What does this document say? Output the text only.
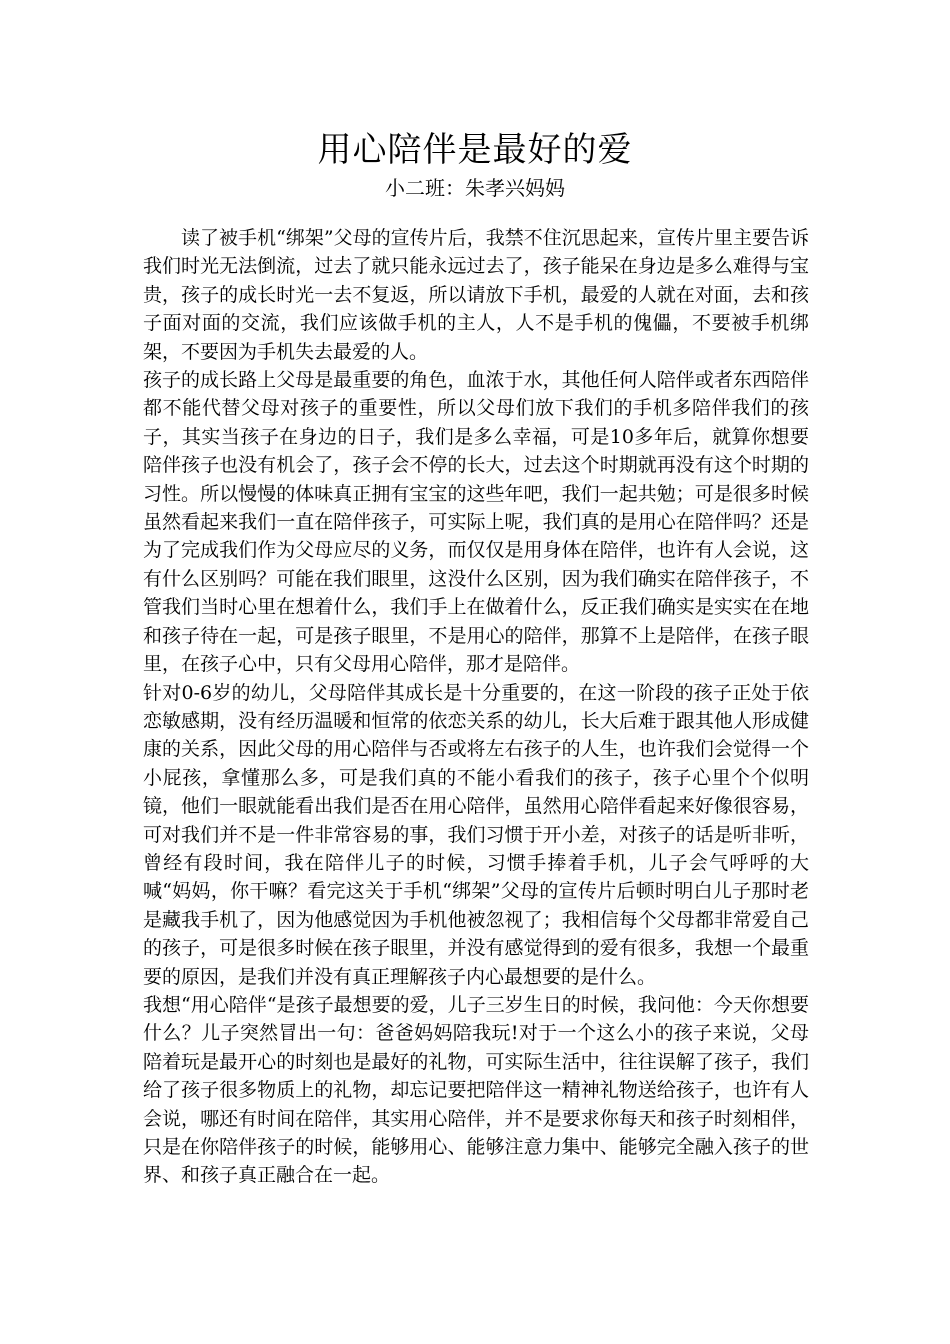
用心陪伴是最好的爱

小二班：朱孝兴妈妈

读了被手机“绑架”父母的宣传片后，我禁不住沉思起来，宣传片里主要告诉我们时光无法倒流，过去了就只能永远过去了，孩子能呆在身边是多么难得与宝贵，孩子的成长时光一去不复返，所以请放下手机，最爱的人就在对面，去和孩子面对面的交流，我们应该做手机的主人，人不是手机的傀儡，不要被手机绑架，不要因为手机失去最爱的人。

孩子的成长路上父母是最重要的角色，血浓于水，其他任何人陪伴或者东西陪伴都不能代替父母对孩子的重要性，所以父母们放下我们的手机多陪伴我们的孩子，其实当孩子在身边的日子，我们是多么幸福，可是10多年后，就算你想要陪伴孩子也没有机会了，孩子会不停的长大，过去这个时期就再没有这个时期的习性。所以慢慢的体味真正拥有宝宝的这些年吧，我们一起共勉；可是很多时候虽然看起来我们一直在陪伴孩子，可实际上呢，我们真的是用心在陪伴吗？还是为了完成我们作为父母应尽的义务，而仅仅是用身体在陪伴，也许有人会说，这有什么区别吗？可能在我们眼里，这没什么区别，因为我们确实在陪伴孩子，不管我们当时心里在想着什么，我们手上在做着什么，反正我们确实是实实在在地和孩子待在一起，可是孩子眼里，不是用心的陪伴，那算不上是陪伴，在孩子眼里，在孩子心中，只有父母用心陪伴，那才是陪伴。

针对0-6岁的幼儿，父母陪伴其成长是十分重要的，在这一阶段的孩子正处于依恋敏感期，没有经历温暖和恒常的依恋关系的幼儿，长大后难于跟其他人形成健康的关系，因此父母的用心陪伴与否或将左右孩子的人生，也许我们会觉得一个小屁孩，拿懂那么多，可是我们真的不能小看我们的孩子，孩子心里个个似明镜，他们一眼就能看出我们是否在用心陪伴，虽然用心陪伴看起来好像很容易，可对我们并不是一件非常容易的事，我们习惯于开小差，对孩子的话是听非听，曾经有段时间，我在陪伴儿子的时候，习惯手捧着手机，儿子会气呼呼的大喊“妈妈，你干嘛？看完这关于手机“绑架”父母的宣传片后顿时明白儿子那时老是藏我手机了，因为他感觉因为手机他被忽视了；我相信每个父母都非常爱自己的孩子，可是很多时候在孩子眼里，并没有感觉得到的爱有很多，我想一个最重要的原因，是我们并没有真正理解孩子内心最想要的是什么。

我想“用心陪伴“是孩子最想要的爱，儿子三岁生日的时候，我问他：今天你想要什么？儿子突然冒出一句：爸爸妈妈陪我玩!对于一个这么小的孩子来说，父母陪着玩是最开心的时刻也是最好的礼物，可实际生活中，往往误解了孩子，我们给了孩子很多物质上的礼物，却忘记要把陪伴这一精神礼物送给孩子，也许有人会说，哪还有时间在陪伴，其实用心陪伴，并不是要求你每天和孩子时刻相伴，只是在你陪伴孩子的时候，能够用心、能够注意力集中、能够完全融入孩子的世界、和孩子真正融合在一起。
